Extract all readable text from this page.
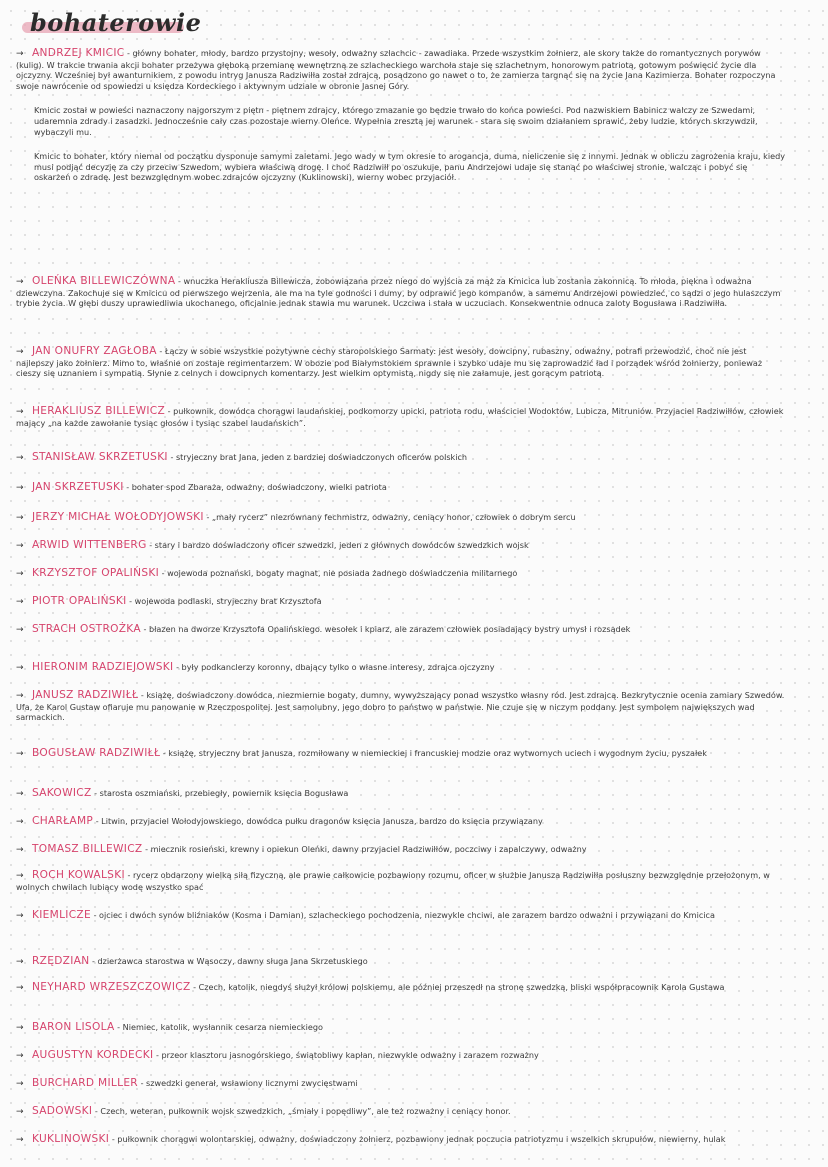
bohaterowie

→ ANDRZEJ KMICIC - główny bohater, młody, bardzo przystojny, wesoły, odważny szlachcic - zawadiaka. Przede wszystkim żołnierz, ale skory także do romantycznych porywów (kulig). W trakcie trwania akcji bohater przeżywa głęboką przemianę wewnętrzną ze szlacheckiego warchoła staje się szlachetnym, honorowym patriotą, gotowym poświęcić życie dla ojczyzny. Wcześniej był awanturnikiem, z powodu intryg Janusza Radziwiłła został zdrajcą, posądzono go nawet o to, że zamierza targnąć się na życie Jana Kazimierza. Bohater rozpoczyna swoje nawrócenie od spowiedzi u księdza Kordeckiego i aktywnym udziale w obronie Jasnej Góry.

Kmicic został w powieści naznaczony najgorszym z piętn - piętnem zdrajcy, którego zmazanie go będzie trwało do końca powieści. Pod nazwiskiem Babinicz walczy ze Szwedami, udaremnia zdrady i zasadzki. Jednocześnie cały czas pozostaje wierny Oleńce. Wypełnia zresztą jej warunek - stara się swoim działaniem sprawić, żeby ludzie, których skrzywdził, wybaczyli mu.

Kmicic to bohater, który niemal od początku dysponuje samymi zaletami. Jego wady w tym okresie to arogancja, duma, nieliczenie się z innymi. Jednak w obliczu zagrożenia kraju, kiedy musi podjąć decyzję za czy przeciw Szwedom, wybiera właściwą drogę. I choć Radziwiłł po oszukuje, panu Andrzejowi udaje się stanąć po właściwej stronie, walcząc i pobyć się oskarżeń o zdradę. Jest bezwzględnym wobec zdrajców ojczyzny (Kuklinowski), wierny wobec przyjaciół.

→ OLEŃKA BILLEWICZÓWNA - wnuczka Herakliusza Billewicza, zobowiązana przez niego do wyjścia za mąż za Kmicica lub zostania zakonnicą. To młoda, piękna i odważna dziewczyna. Zakochuje się w Kmicicu od pierwszego wejrzenia, ale ma na tyle godności i dumy, by odprawić jego kompanów, a samemu Andrzejowi powiedzieć, co sądzi o jego hulaszczym trybie życia. W głębi duszy uprawiedliwia ukochanego, oficjalnie jednak stawia mu warunek. Uczciwa i stała w uczuciach. Konsekwentnie odnuca zaloty Bogusława i Radziwiłła.

→ JAN ONUFRY ZAGŁOBA - Łączy w sobie wszystkie pozytywne cechy staropolskiego Sarmaty: jest wesoły, dowcipny, rubaszny, odważny, potrafi przewodzić, choć nie jest najlepszy jako żołnierz. Mimo to, właśnie on zostaje regimentarzem. W obozie pod Białymstokiem sprawnie i szybko udaje mu się zaprowadzić ład i porządek wśród żołnierzy, ponieważ cieszy się uznaniem i sympatią. Słynie z celnych i dowcipnych komentarzy. Jest wielkim optymistą, nigdy się nie załamuje, jest gorącym patriotą.

→ HERAKLIUSZ BILLEWICZ - pułkownik, dowódca chorągwi laudańskiej, podkomorzy upicki, patriota rodu, właściciel Wodoktów, Lubicza, Mitruniów. Przyjaciel Radziwiłłów, człowiek mający „na każde zawołanie tysiąc głosów i tysiąc szabel laudańskich”.

→ STANISŁAW SKRZETUSKI - stryjeczny brat Jana, jeden z bardziej doświadczonych oficerów polskich

→ JAN SKRZETUSKI - bohater spod Zbaraża, odważny, doświadczony, wielki patriota

→ JERZY MICHAŁ WOŁODYJOWSKI - „mały rycerz” niezrównany fechmistrz, odważny, ceniący honor, człowiek o dobrym sercu

→ ARWID WITTENBERG - stary i bardzo doświadczony oficer szwedzki, jeden z głównych dowódców szwedzkich wojsk

→ KRZYSZTOF OPALIŃSKI - wojewoda poznański, bogaty magnat, nie posiada żadnego doświadczenia militarnego

→ PIOTR OPALIŃSKI - wojewoda podlaski, stryjeczny brat Krzysztofa

→ STRACH OSTROŻKA - błazen na dworze Krzysztofa Opalińskiego. wesołek i kpiarz, ale zarazem człowiek posiadający bystry umysł i rozsądek

→ HIERONIM RADZIEJOWSKI - były podkanclerzy koronny, dbający tylko o własne interesy, zdrajca ojczyzny

→ JANUSZ RADZIWIŁŁ - książę, doświadczony dowódca, niezmiernie bogaty, dumny, wywyższający ponad wszystko własny ród. Jest zdrajcą. Bezkrytycznie ocenia zamiary Szwedów. Ufa, że Karol Gustaw ofiaruje mu panowanie w Rzeczpospolitej. Jest samolubny, jego dobro to państwo w państwie. Nie czuje się w niczym poddany. Jest symbolem największych wad sarmackich.

→ BOGUSŁAW RADZIWIŁŁ - książę, stryjeczny brat Janusza, rozmiłowany w niemieckiej i francuskiej modzie oraz wytwornych uciech i wygodnym życiu, pyszałek

→ SAKOWICZ - starosta oszmiański, przebiegły, powiernik księcia Bogusława

→ CHARŁAMP - Litwin, przyjaciel Wołodyjowskiego, dowódca pułku dragonów księcia Janusza, bardzo do księcia przywiązany

→ TOMASZ BILLEWICZ - miecznik rosieński, krewny i opiekun Oleńki, dawny przyjaciel Radziwiłłów, poczciwy i zapalczywy, odważny

→ ROCH KOWALSKI - rycerz obdarzony wielką siłą fizyczną, ale prawie całkowicie pozbawiony rozumu, oficer w służbie Janusza Radziwiłła posłuszny bezwzględnie przełożonym, w wolnych chwilach lubiący wodę wszystko spać

→ KIEMLICZE - ojciec i dwóch synów bliźniaków (Kosma i Damian), szlacheckiego pochodzenia, niezwykle chciwi, ale zarazem bardzo odważni i przywiązani do Kmicica

→ RZĘDZIAN - dzierżawca starostwa w Wąsoczy, dawny sługa Jana Skrzetuskiego

→ NEYHARD WRZESZCZOWICZ - Czech, katolik, niegdyś służył królowi polskiemu, ale później przeszedł na stronę szwedzką, bliski współpracownik Karola Gustawa

→ BARON LISOLA - Niemiec, katolik, wysłannik cesarza niemieckiego

→ AUGUSTYN KORDECKI - przeor klasztoru jasnogórskiego, świątobliwy kapłan, niezwykle odważny i zarazem rozważny

→ BURCHARD MILLER - szwedzki generał, wsławiony licznymi zwycięstwami

→ SADOWSKI - Czech, weteran, pułkownik wojsk szwedzkich, „śmiały i popędliwy”, ale też rozważny i ceniący honor.

→ KUKLINOWSKI - pułkownik chorągwi wolontarskiej, odważny, doświadczony żołnierz, pozbawiony jednak poczucia patriotyzmu i wszelkich skrupułów, niewierny, hulak
